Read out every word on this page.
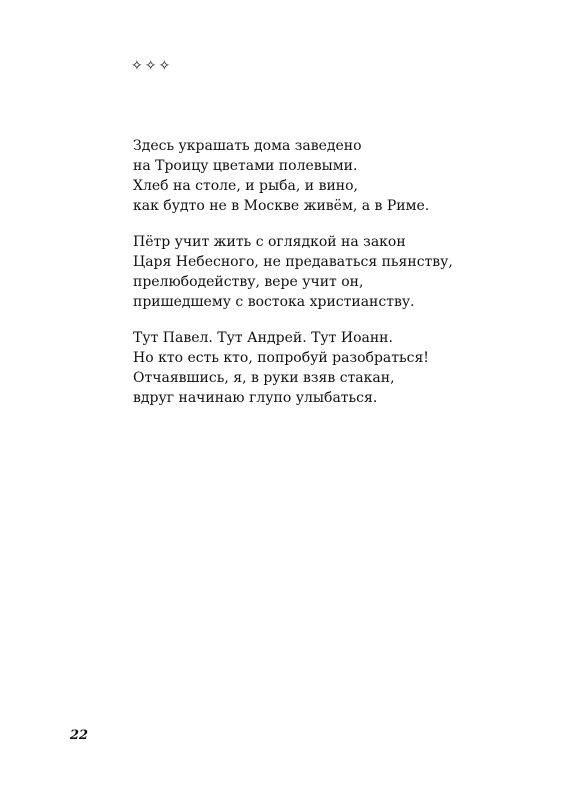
✧✧✧
Здесь украшать дома заведено
на Троицу цветами полевыми.
Хлеб на столе, и рыба, и вино,
как будто не в Москве живём, а в Риме.
Пётр учит жить с оглядкой на закон
Царя Небесного, не предаваться пьянству,
прелюбодейству, вере учит он,
пришедшему с востока христианству.
Тут Павел. Тут Андрей. Тут Иоанн.
Но кто есть кто, попробуй разобраться!
Отчаявшись, я, в руки взяв стакан,
вдруг начинаю глупо улыбаться.
22
